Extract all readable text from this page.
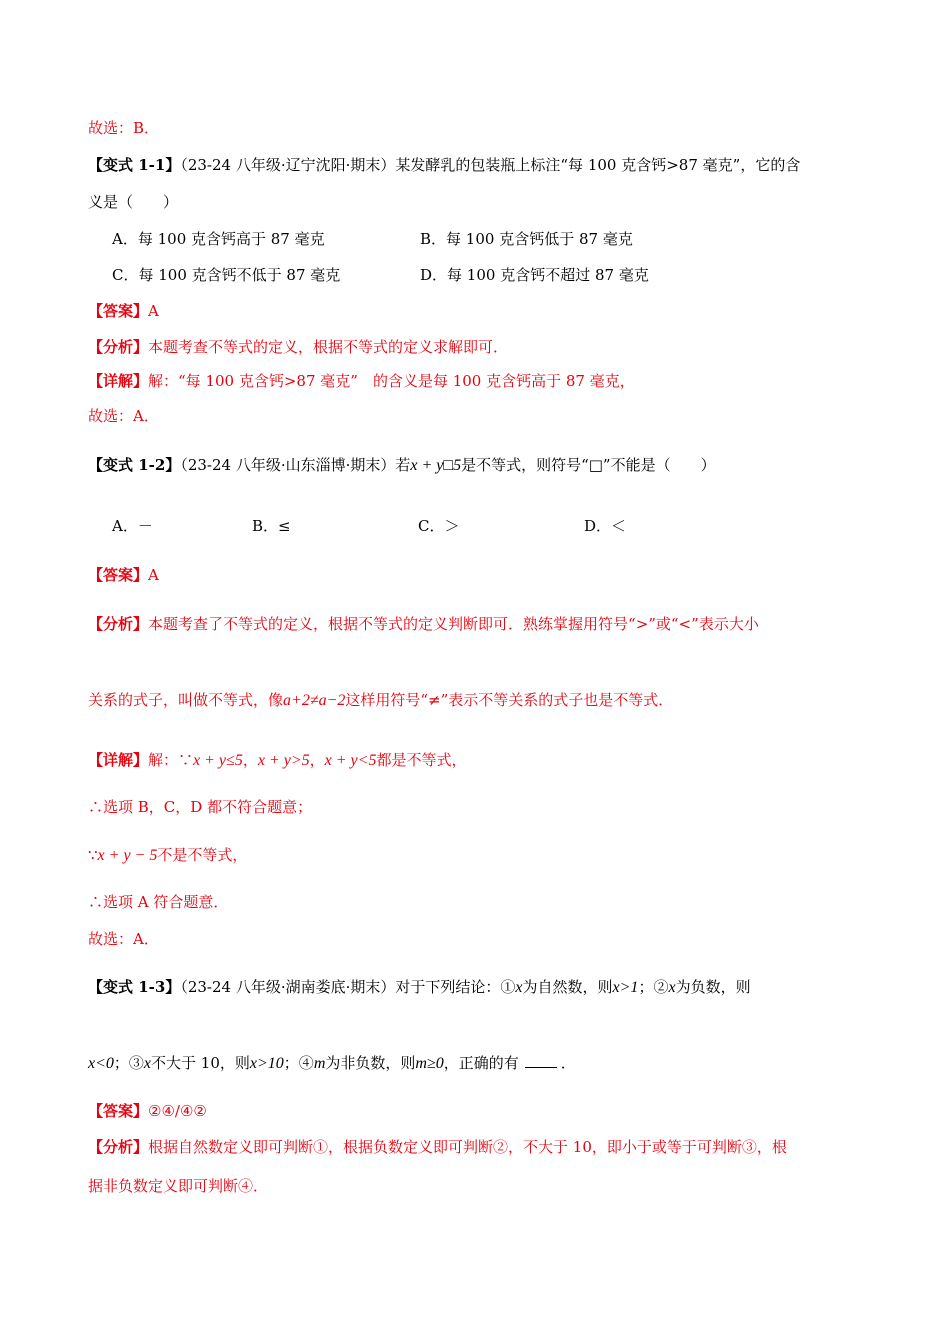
故选：B．
【变式 1-1】（23-24 八年级·辽宁沈阳·期末）某发酵乳的包装瓶上标注“每 100 克含钙>87 毫克”，它的含
义是（　　）
A．每 100 克含钙高于 87 毫克	B．每 100 克含钙低于 87 毫克
C．每 100 克含钙不低于 87 毫克	D．每 100 克含钙不超过 87 毫克
【答案】A
【分析】本题考查不等式的定义，根据不等式的定义求解即可．
【详解】解：“每 100 克含钙>87 毫克”　的含义是每 100 克含钙高于 87 毫克，
故选：A．
【变式 1-2】（23-24 八年级·山东淄博·期末）若x + y□5是不等式，则符号“□”不能是（　　）
A．－	B．≤	C．＞	D．＜
【答案】A
【分析】本题考查了不等式的定义，根据不等式的定义判断即可．熟练掌握用符号“>”或“<”表示大小
关系的式子，叫做不等式，像a+2≠a−2这样用符号“≠”表示不等关系的式子也是不等式．
【详解】解：∵x + y≤5，x + y>5，x + y<5都是不等式，
∴选项 B，C，D 都不符合题意；
∵x + y − 5不是不等式，
∴选项 A 符合题意．
故选：A．
【变式 1-3】（23-24 八年级·湖南娄底·期末）对于下列结论：①x为自然数，则x>1；②x为负数，则
x<0；③x不大于 10，则x>10；④m为非负数，则m≥0，正确的有	．
【答案】②④/④②
【分析】根据自然数定义即可判断①，根据负数定义即可判断②，不大于 10，即小于或等于可判断③，根
据非负数定义即可判断④．
